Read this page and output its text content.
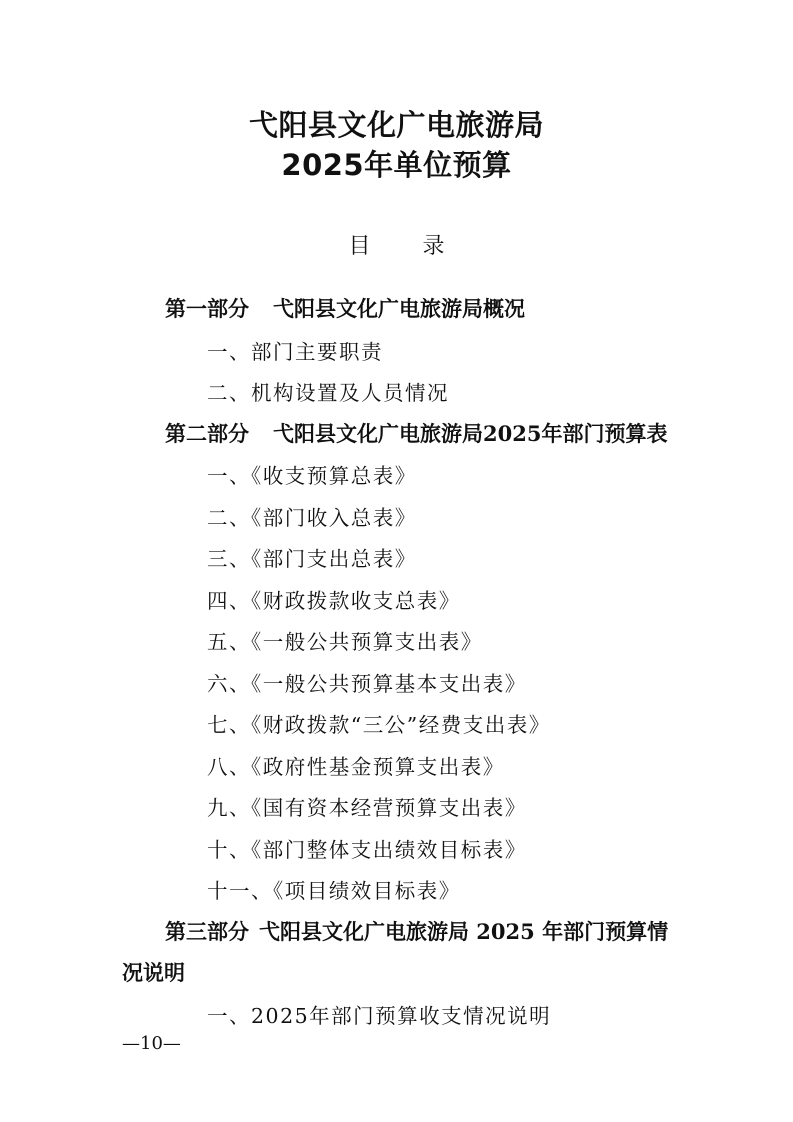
弋阳县文化广电旅游局
2025年单位预算
目 录
第一部分 弋阳县文化广电旅游局概况
一、部门主要职责
二、机构设置及人员情况
第二部分 弋阳县文化广电旅游局2025年部门预算表
一、《收支预算总表》
二、《部门收入总表》
三、《部门支出总表》
四、《财政拨款收支总表》
五、《一般公共预算支出表》
六、《一般公共预算基本支出表》
七、《财政拨款“三公”经费支出表》
八、《政府性基金预算支出表》
九、《国有资本经营预算支出表》
十、《部门整体支出绩效目标表》
十一、《项目绩效目标表》
第三部分 弋阳县文化广电旅游局 2025 年部门预算情
况说明
一、2025年部门预算收支情况说明
—10—
